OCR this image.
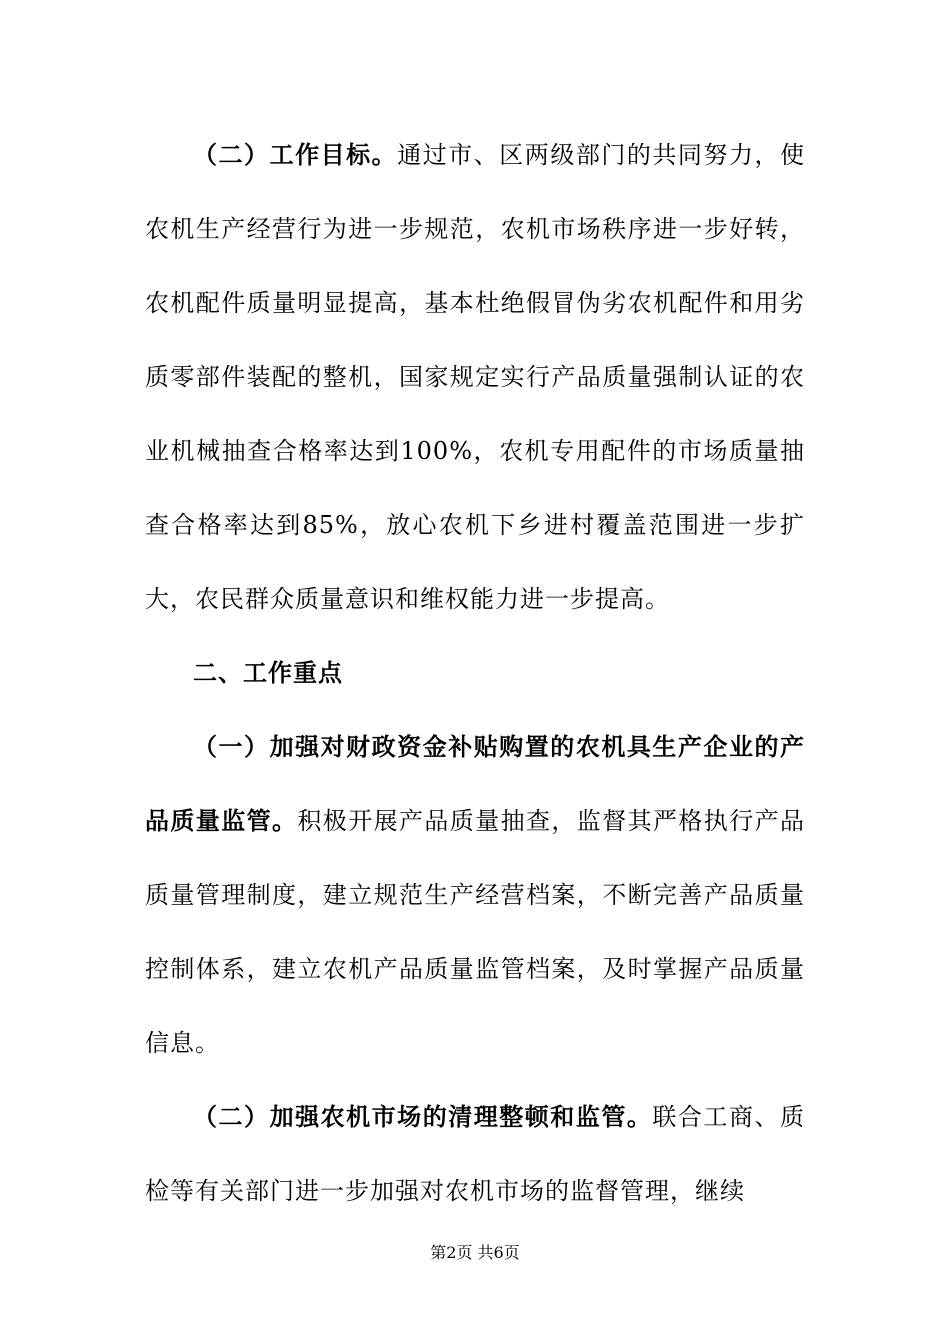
（二）工作目标。通过市、区两级部门的共同努力，使农机生产经营行为进一步规范，农机市场秩序进一步好转，农机配件质量明显提高，基本杜绝假冒伪劣农机配件和用劣质零部件装配的整机，国家规定实行产品质量强制认证的农业机械抽查合格率达到100%，农机专用配件的市场质量抽查合格率达到85%，放心农机下乡进村覆盖范围进一步扩大，农民群众质量意识和维权能力进一步提高。

二、工作重点

（一）加强对财政资金补贴购置的农机具生产企业的产品质量监管。积极开展产品质量抽查，监督其严格执行产品质量管理制度，建立规范生产经营档案，不断完善产品质量控制体系，建立农机产品质量监管档案，及时掌握产品质量信息。

（二）加强农机市场的清理整顿和监管。联合工商、质检等有关部门进一步加强对农机市场的监督管理，继续

第2页 共6页
